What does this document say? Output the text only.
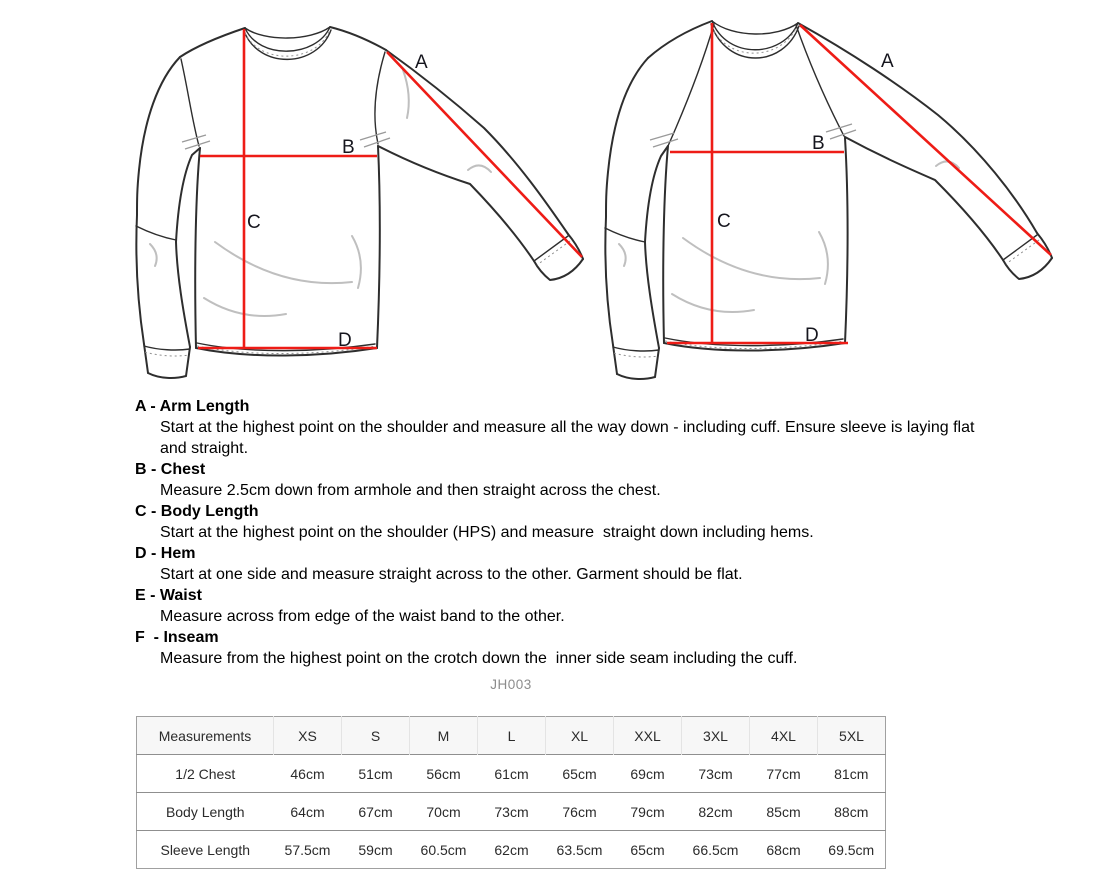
A
B
C
D
A
B
C
D
A - Arm Length
Start at the highest point on the shoulder and measure all the way down - including cuff. Ensure sleeve is laying flat
and straight.
B - Chest
Measure 2.5cm down from armhole and then straight across the chest.
C - Body Length
Start at the highest point on the shoulder (HPS) and measure  straight down including hems.
D - Hem
Start at one side and measure straight across to the other. Garment should be flat.
E - Waist
Measure across from edge of the waist band to the other.
F  - Inseam
Measure from the highest point on the crotch down the  inner side seam including the cuff.
JH003
Measurements	XS	S	M	L	XL	XXL	3XL	4XL	5XL
1/2 Chest	46cm	51cm	56cm	61cm	65cm	69cm	73cm	77cm	81cm
Body Length	64cm	67cm	70cm	73cm	76cm	79cm	82cm	85cm	88cm
Sleeve Length	57.5cm	59cm	60.5cm	62cm	63.5cm	65cm	66.5cm	68cm	69.5cm
